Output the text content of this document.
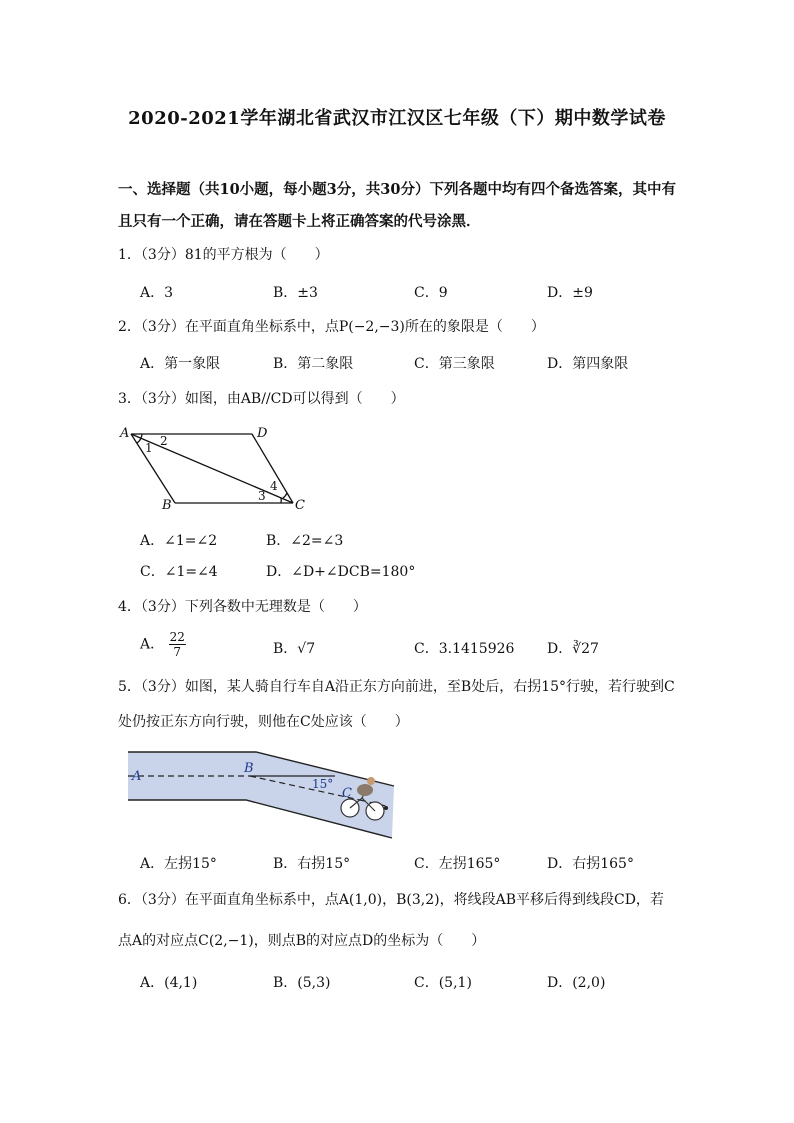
2020-2021学年湖北省武汉市江汉区七年级（下）期中数学试卷
一、选择题（共10小题，每小题3分，共30分）下列各题中均有四个备选答案，其中有
且只有一个正确，请在答题卡上将正确答案的代号涂黑．
1．（3分）81的平方根为（　　）
A．3	B．±3	C．9	D．±9
2．（3分）在平面直角坐标系中，点P(−2,−3)所在的象限是（　　）
A．第一象限	B．第二象限	C．第三象限	D．第四象限
3．（3分）如图，由AB//CD可以得到（　　）
A	D
B	C
1 2
3
4
A．∠1=∠2	B．∠2=∠3
C．∠1=∠4	D．∠D+∠DCB=180°
4．（3分）下列各数中无理数是（　　）
A． $\frac{22}{7}$	B．√7	C．3.1415926 D．∛27
5．（3分）如图，某人骑自行车自A沿正东方向前进，至B处后，右拐15°行驶，若行驶到C
处仍按正东方向行驶，则他在C处应该（　　）
A
B
15°
C
A．左拐15°	B．右拐15°	C．左拐165°	D．右拐165°
6．（3分）在平面直角坐标系中，点A(1,0)，B(3,2)，将线段AB平移后得到线段CD，若
点A的对应点C(2,−1)，则点B的对应点D的坐标为（　　）
A．(4,1)	B．(5,3)	C．(5,1)	D．(2,0)
